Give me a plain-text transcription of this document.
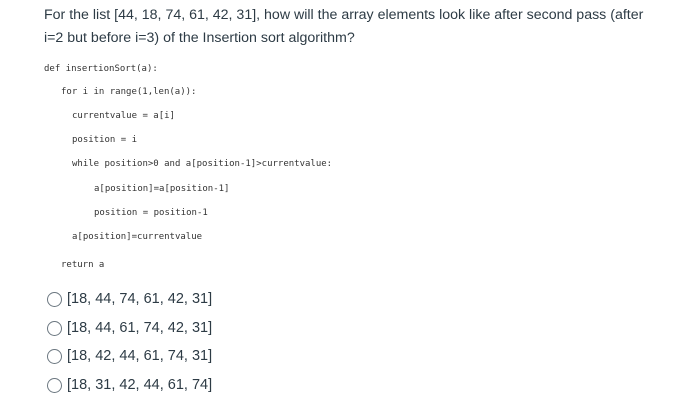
For the list [44, 18, 74, 61, 42, 31], how will the array elements look like after second pass (after i=2 but before i=3) of the Insertion sort algorithm?
def insertionSort(a):
for i in range(1,len(a)):
currentvalue = a[i]
position = i
while position>0 and a[position-1]>currentvalue:
a[position]=a[position-1]
position = position-1
a[position]=currentvalue
return a
[18, 44, 74, 61, 42, 31]
[18, 44, 61, 74, 42, 31]
[18, 42, 44, 61, 74, 31]
[18, 31, 42, 44, 61, 74]
